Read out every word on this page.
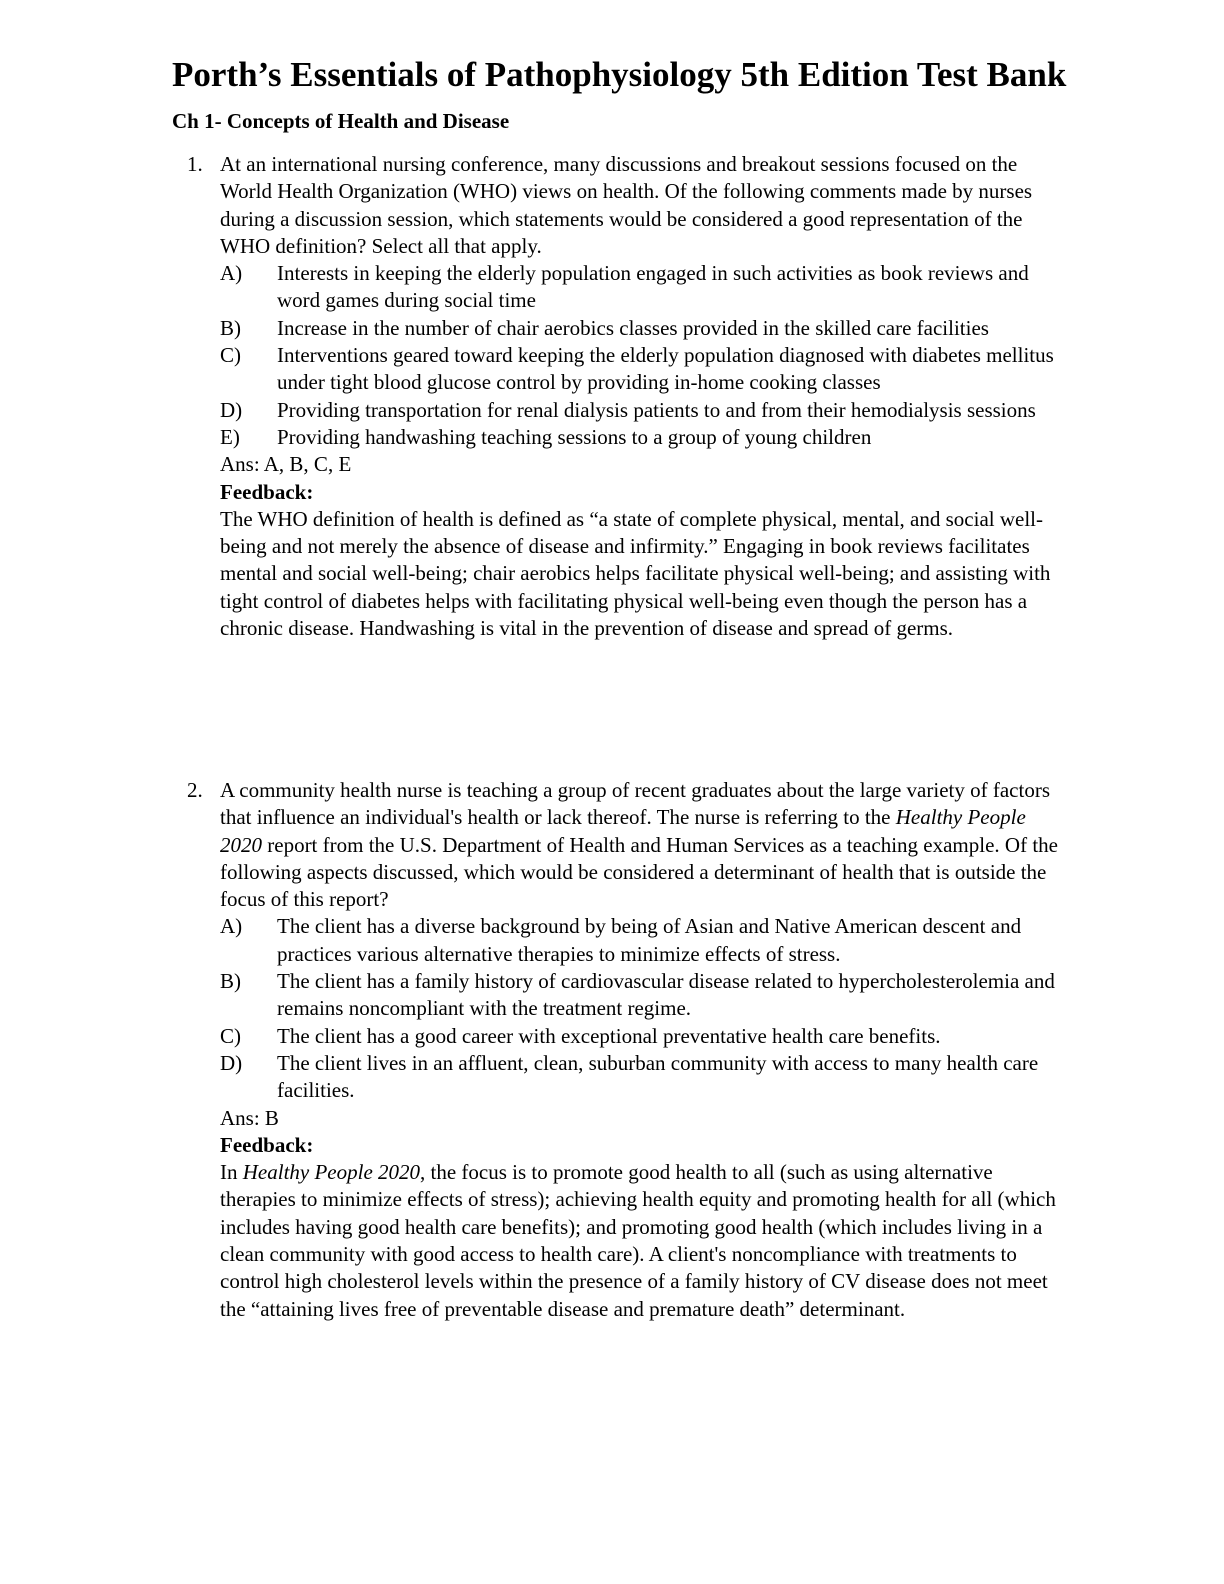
Porth’s Essentials of Pathophysiology 5th Edition Test Bank
Ch 1- Concepts of Health and Disease
1. At an international nursing conference, many discussions and breakout sessions focused on the World Health Organization (WHO) views on health. Of the following comments made by nurses during a discussion session, which statements would be considered a good representation of the WHO definition? Select all that apply.

A) Interests in keeping the elderly population engaged in such activities as book reviews and word games during social time
B) Increase in the number of chair aerobics classes provided in the skilled care facilities
C) Interventions geared toward keeping the elderly population diagnosed with diabetes mellitus under tight blood glucose control by providing in-home cooking classes
D) Providing transportation for renal dialysis patients to and from their hemodialysis sessions
E) Providing handwashing teaching sessions to a group of young children
Ans: A, B, C, E
Feedback:

The WHO definition of health is defined as “a state of complete physical, mental, and social well-being and not merely the absence of disease and infirmity.” Engaging in book reviews facilitates mental and social well-being; chair aerobics helps facilitate physical well-being; and assisting with tight control of diabetes helps with facilitating physical well-being even though the person has a chronic disease. Handwashing is vital in the prevention of disease and spread of germs.

2. A community health nurse is teaching a group of recent graduates about the large variety of factors that influence an individual's health or lack thereof. The nurse is referring to the Healthy People 2020 report from the U.S. Department of Health and Human Services as a teaching example. Of the following aspects discussed, which would be considered a determinant of health that is outside the focus of this report?

A) The client has a diverse background by being of Asian and Native American descent and practices various alternative therapies to minimize effects of stress.
B) The client has a family history of cardiovascular disease related to hypercholesterolemia and remains noncompliant with the treatment regime.
C) The client has a good career with exceptional preventative health care benefits.
D) The client lives in an affluent, clean, suburban community with access to many health care facilities.
Ans: B
Feedback:

In Healthy People 2020, the focus is to promote good health to all (such as using alternative therapies to minimize effects of stress); achieving health equity and promoting health for all (which includes having good health care benefits); and promoting good health (which includes living in a clean community with good access to health care). A client's noncompliance with treatments to control high cholesterol levels within the presence of a family history of CV disease does not meet the “attaining lives free of preventable disease and premature death” determinant.
